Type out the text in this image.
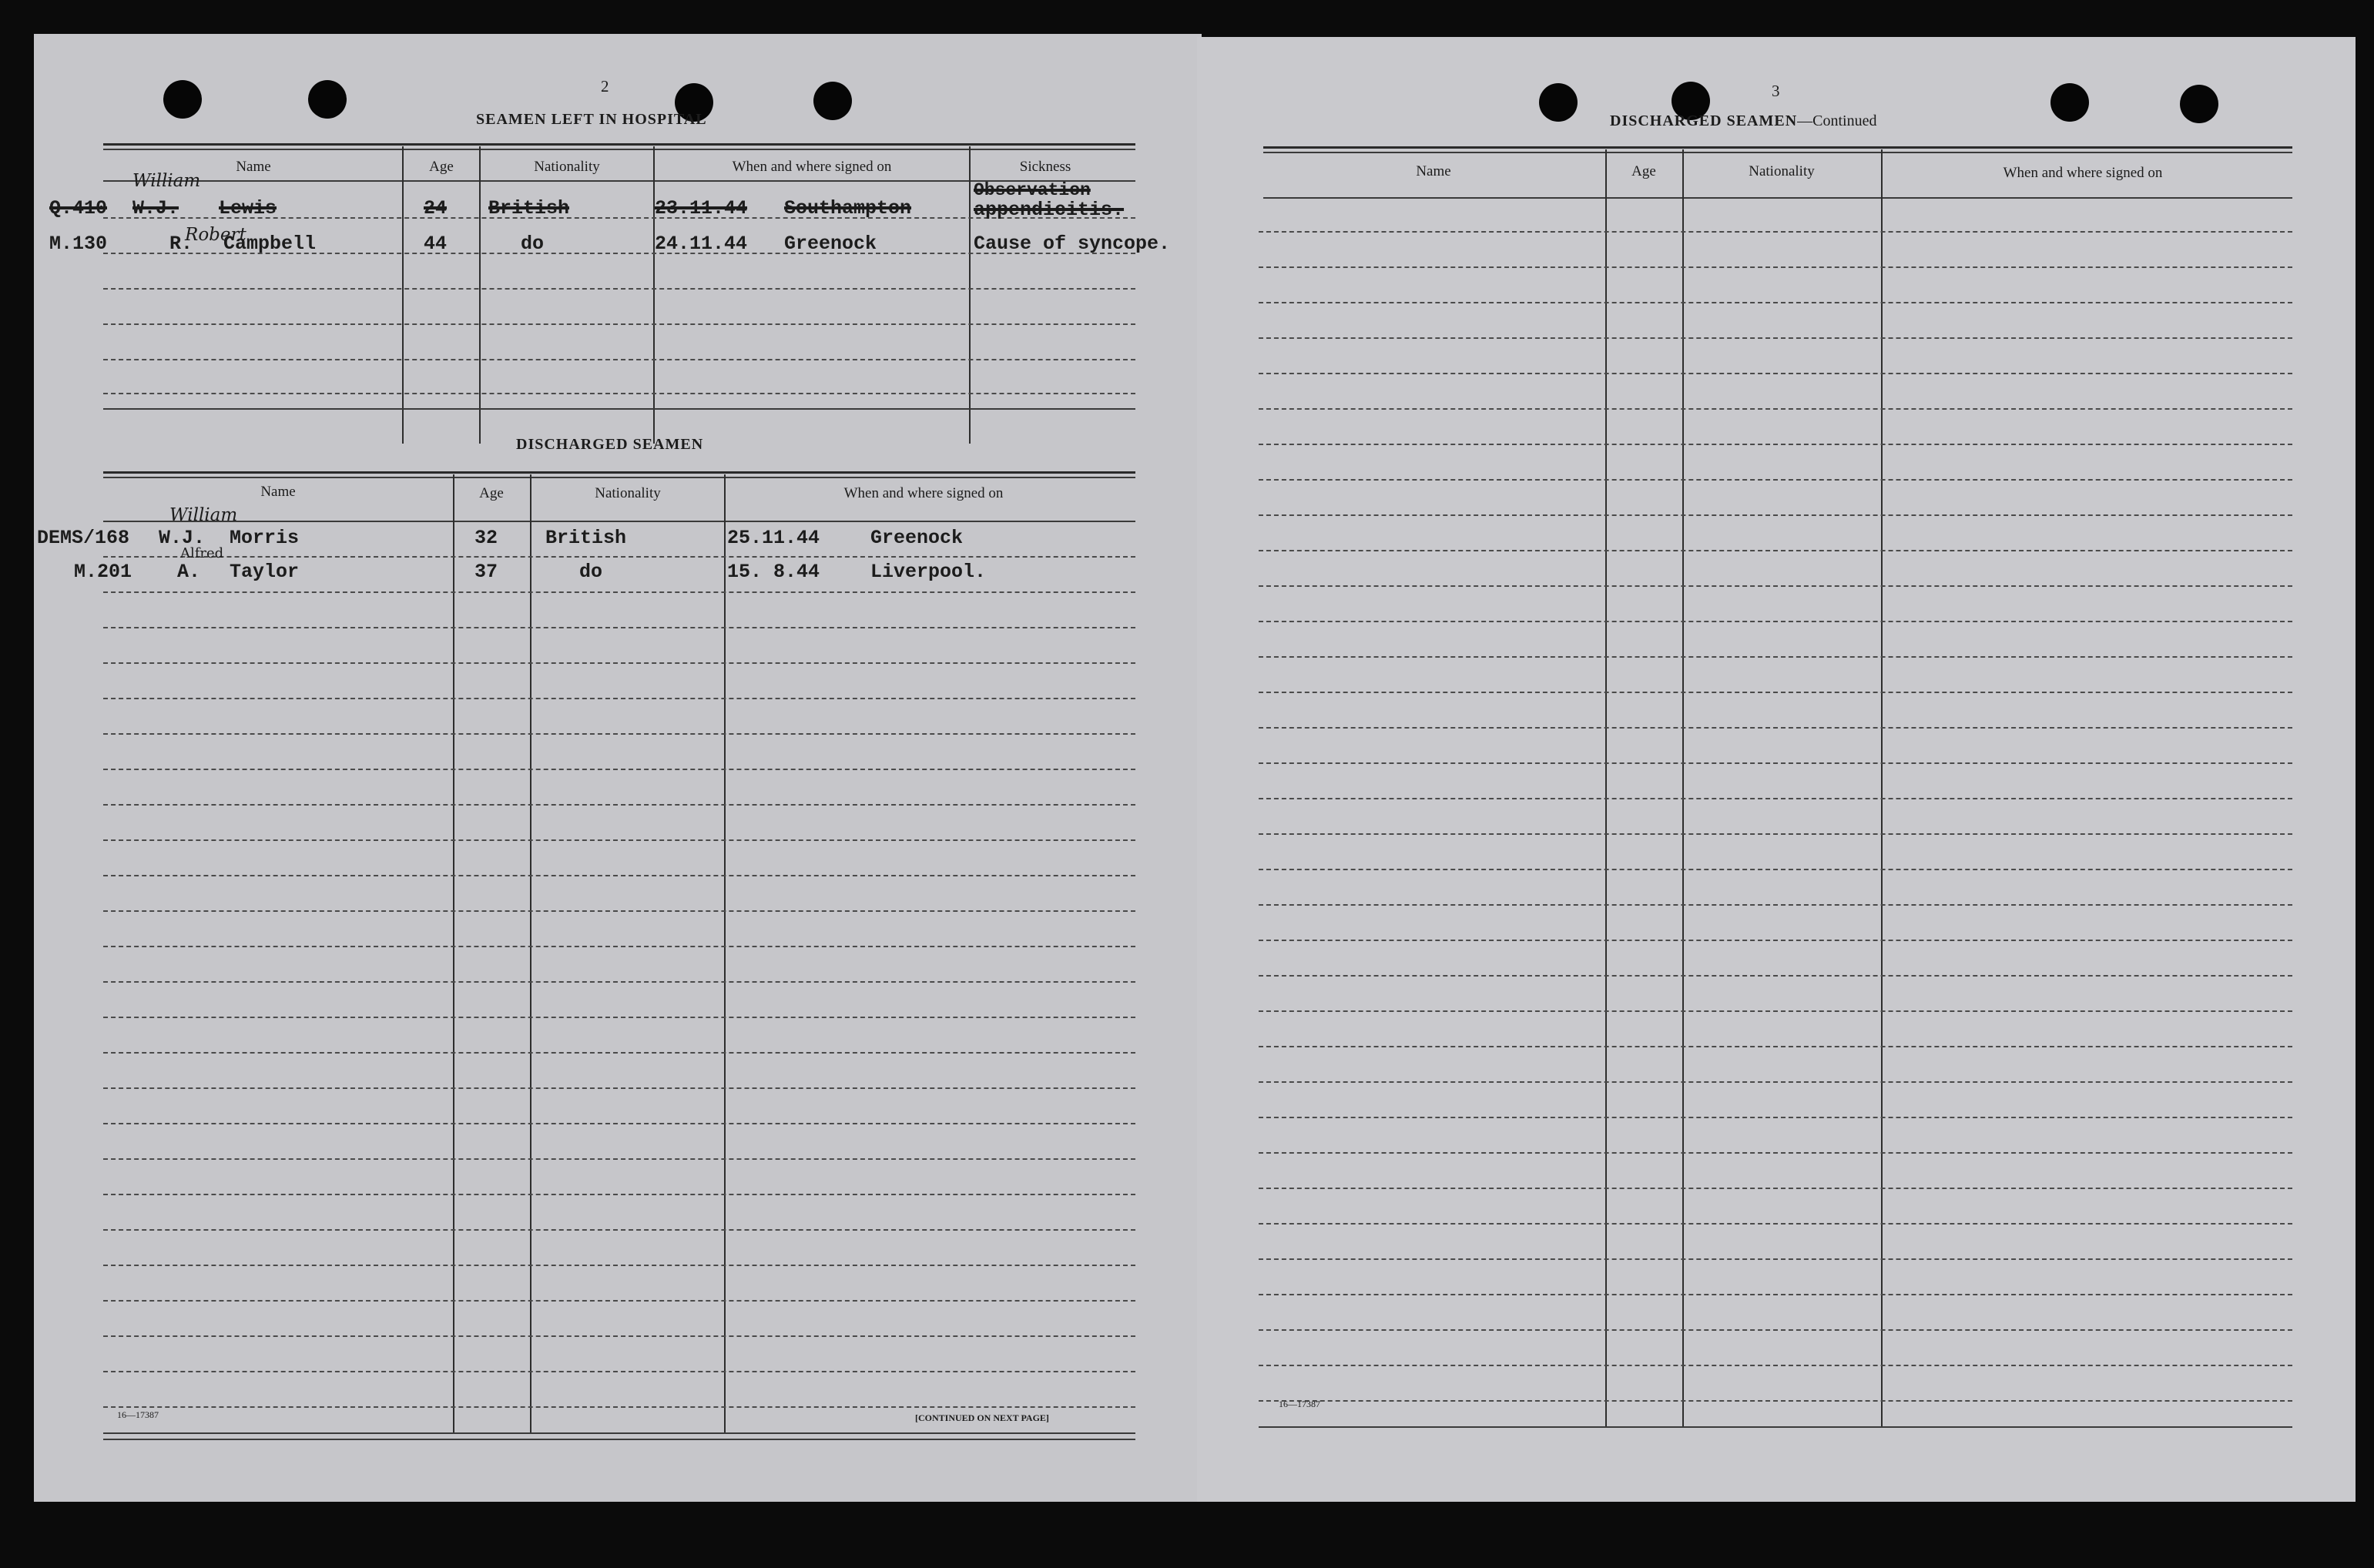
2
SEAMEN LEFT IN HOSPITAL
Name	Age	Nationality	When and where signed on	Sickness
William
Q.410 W.J. Lewis	24 British	23.11.44 Southampton
Observation
appendicitis.
Robert
M.130	R. Campbell	44	do	24.11.44 Greenock	Cause of syncope.
DISCHARGED SEAMEN
Name	Age	Nationality	When and where signed on
William
DEMS/168 W.J. Morris	32 British	25.11.44	Greenock
Alfred
M.201 A. Taylor	37	do	15. 8.44	Liverpool.
16—17387	[CONTINUED ON NEXT PAGE]
3
DISCHARGED SEAMEN—Continued
Name	Age	Nationality	When and where signed on
16—17387
